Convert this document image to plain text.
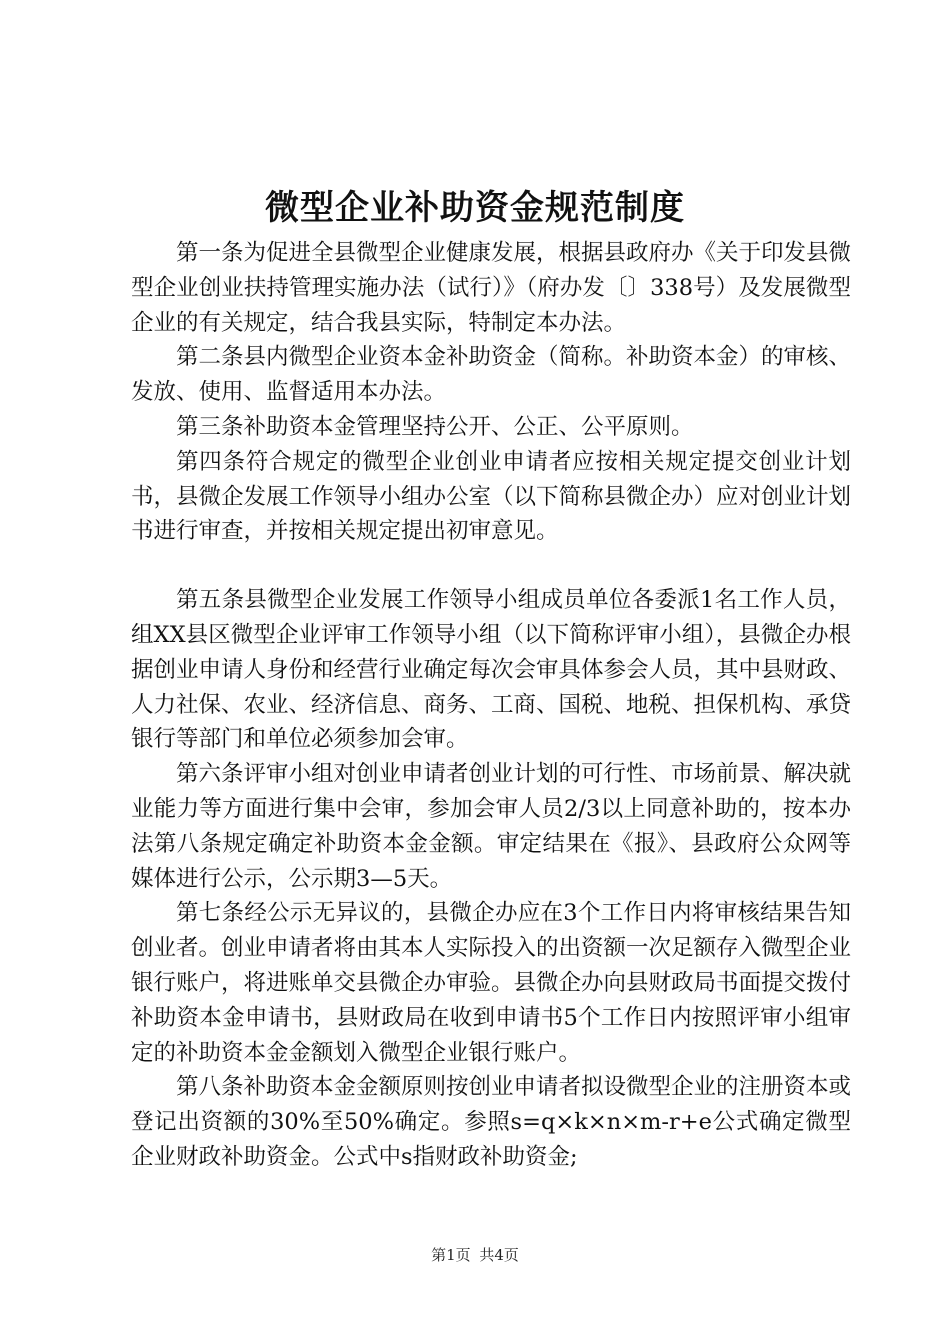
微型企业补助资金规范制度

第一条为促进全县微型企业健康发展，根据县政府办《关于印发县微型企业创业扶持管理实施办法（试行）》（府办发〔〕338号）及发展微型企业的有关规定，结合我县实际，特制定本办法。

第二条县内微型企业资本金补助资金（简称。补助资本金）的审核、发放、使用、监督适用本办法。

第三条补助资本金管理坚持公开、公正、公平原则。

第四条符合规定的微型企业创业申请者应按相关规定提交创业计划书，县微企发展工作领导小组办公室（以下简称县微企办）应对创业计划书进行审查，并按相关规定提出初审意见。

第五条县微型企业发展工作领导小组成员单位各委派1名工作人员，组XX县区微型企业评审工作领导小组（以下简称评审小组），县微企办根据创业申请人身份和经营行业确定每次会审具体参会人员，其中县财政、人力社保、农业、经济信息、商务、工商、国税、地税、担保机构、承贷银行等部门和单位必须参加会审。

第六条评审小组对创业申请者创业计划的可行性、市场前景、解决就业能力等方面进行集中会审，参加会审人员2/3以上同意补助的，按本办法第八条规定确定补助资本金金额。审定结果在《报》、县政府公众网等媒体进行公示，公示期3—5天。

第七条经公示无异议的，县微企办应在3个工作日内将审核结果告知创业者。创业申请者将由其本人实际投入的出资额一次足额存入微型企业银行账户，将进账单交县微企办审验。县微企办向县财政局书面提交拨付补助资本金申请书，县财政局在收到申请书5个工作日内按照评审小组审定的补助资本金金额划入微型企业银行账户。

第八条补助资本金金额原则按创业申请者拟设微型企业的注册资本或登记出资额的30%至50%确定。参照s=q×k×n×m-r+e公式确定微型企业财政补助资金。公式中s指财政补助资金;

第1页 共4页
